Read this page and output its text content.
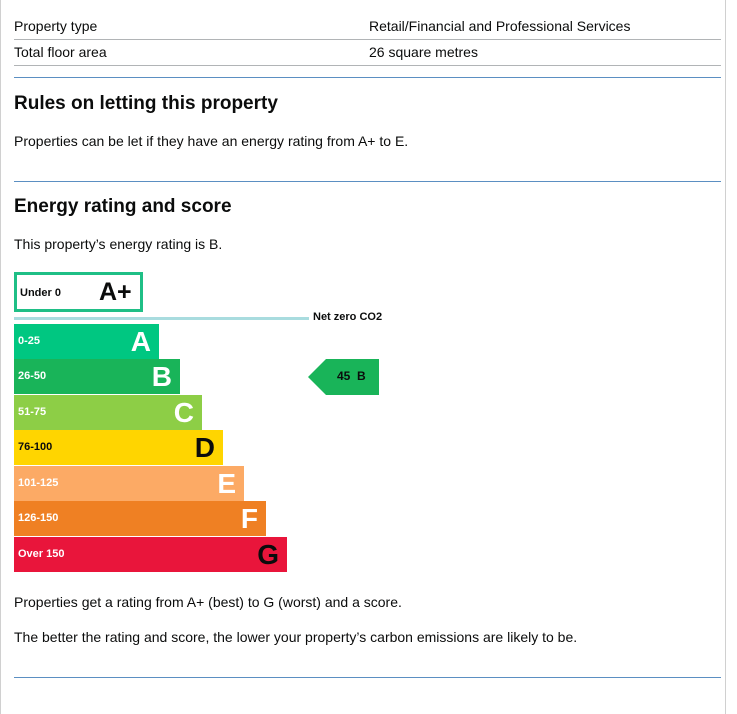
Property type	Retail/Financial and Professional Services
Total floor area	26 square metres
Rules on letting this property

Properties can be let if they have an energy rating from A+ to E.

Energy rating and score

This property’s energy rating is B.

Under 0 A+
Net zero CO2
0-25	A
26-50	B
51-75	C
76-100	D
101-125	E
126-150	F
Over 150	G
45 B

Properties get a rating from A+ (best) to G (worst) and a score.

The better the rating and score, the lower your property’s carbon emissions are likely to be.
